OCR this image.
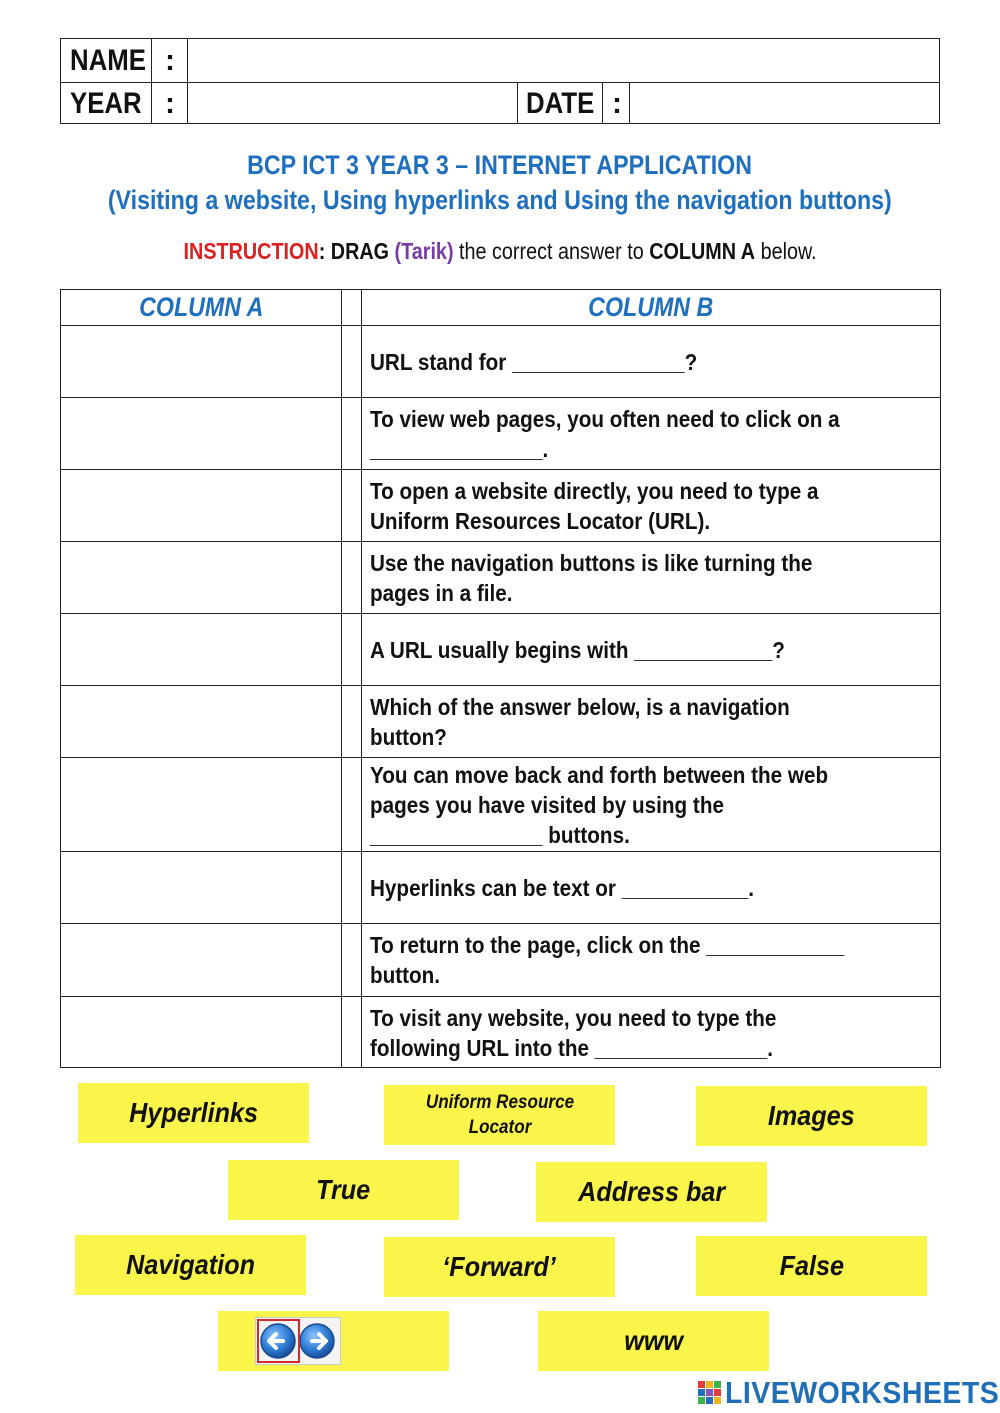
NAME :
YEAR :	DATE :
BCP ICT 3 YEAR 3 – INTERNET APPLICATION
(Visiting a website, Using hyperlinks and Using the navigation buttons)
INSTRUCTION: DRAG (Tarik) the correct answer to COLUMN A below.
COLUMN A	COLUMN B
URL stand for _______________?
To view web pages, you often need to click on a _______________.
To open a website directly, you need to type a Uniform Resources Locator (URL).
Use the navigation buttons is like turning the pages in a file.
A URL usually begins with ____________?
Which of the answer below, is a navigation button?
You can move back and forth between the web pages you have visited by using the _______________ buttons.
Hyperlinks can be text or ___________.
To return to the page, click on the ____________ button.
To visit any website, you need to type the following URL into the _______________.
Hyperlinks	Uniform Resource Locator	Images
True	Address bar
Navigation	‘Forward’	False
www
LIVEWORKSHEETS
